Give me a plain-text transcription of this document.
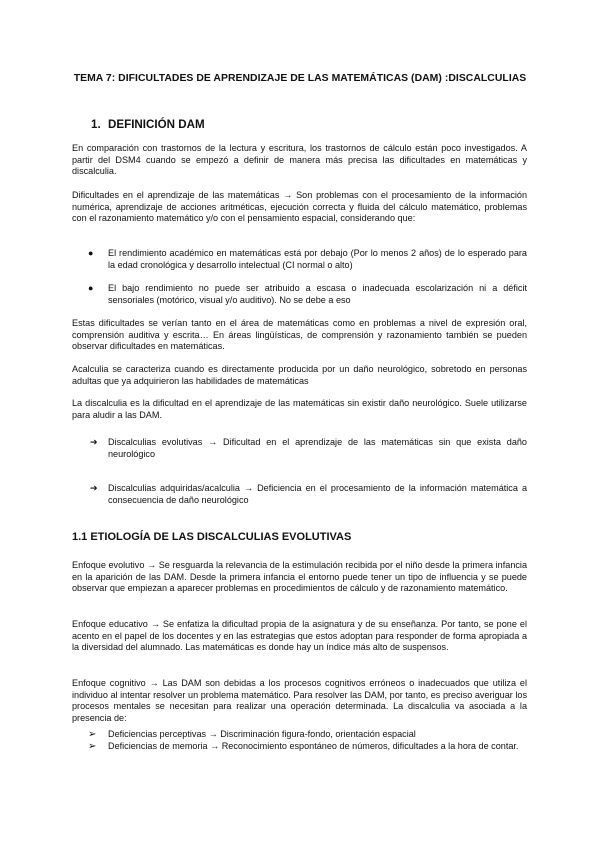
TEMA 7: DIFICULTADES DE APRENDIZAJE DE LAS MATEMÁTICAS (DAM) :DISCALCULIAS
1. DEFINICIÓN DAM

En comparación con trastornos de la lectura y escritura, los trastornos de cálculo están poco investigados. A partir del DSM4 cuando se empezó a definir de manera más precisa las dificultades en matemáticas y discalculia.

Dificultades en el aprendizaje de las matemáticas → Son problemas con el procesamiento de la información numérica, aprendizaje de acciones aritméticas, ejecución correcta y fluida del cálculo matemático, problemas con el razonamiento matemático y/o con el pensamiento espacial, considerando que:

● El rendimiento académico en matemáticas está por debajo (Por lo menos 2 años) de lo esperado para la edad cronológica y desarrollo intelectual (CI normal o alto)

● El bajo rendimiento no puede ser atribuido a escasa o inadecuada escolarización ni a déficit sensoriales (motórico, visual y/o auditivo). No se debe a eso

Estas dificultades se verían tanto en el área de matemáticas como en problemas a nivel de expresión oral, comprensión auditiva y escrita… En áreas lingüísticas, de comprensión y razonamiento también se pueden observar dificultades en matemáticas.

Acalculia se caracteriza cuando es directamente producida por un daño neurológico, sobretodo en personas adultas que ya adquirieron las habilidades de matemáticas

La discalculia es la dificultad en el aprendizaje de las matemáticas sin existir daño neurológico. Suele utilizarse para aludir a las DAM.

➔ Discalculias evolutivas → Dificultad en el aprendizaje de las matemáticas sin que exista daño neurológico

➔ Discalculias adquiridas/acalculia → Deficiencia en el procesamiento de la información matemática a consecuencia de daño neurológico

1.1 ETIOLOGÍA DE LAS DISCALCULIAS EVOLUTIVAS

Enfoque evolutivo → Se resguarda la relevancia de la estimulación recibida por el niño desde la primera infancia en la aparición de las DAM. Desde la primera infancia el entorno puede tener un tipo de influencia y se puede observar que empiezan a aparecer problemas en procedimientos de cálculo y de razonamiento matemático.

Enfoque educativo → Se enfatiza la dificultad propia de la asignatura y de su enseñanza. Por tanto, se pone el acento en el papel de los docentes y en las estrategias que estos adoptan para responder de forma apropiada a la diversidad del alumnado. Las matemáticas es donde hay un índice más alto de suspensos.

Enfoque cognitivo → Las DAM son debidas a los procesos cognitivos erróneos o inadecuados que utiliza el individuo al intentar resolver un problema matemático. Para resolver las DAM, por tanto, es preciso averiguar los procesos mentales se necesitan para realizar una operación determinada. La discalculia va asociada a la presencia de:

➢ Deficiencias perceptivas → Discriminación figura-fondo, orientación espacial

➢ Deficiencias de memoria → Reconocimiento espontáneo de números, dificultades a la hora de contar.
